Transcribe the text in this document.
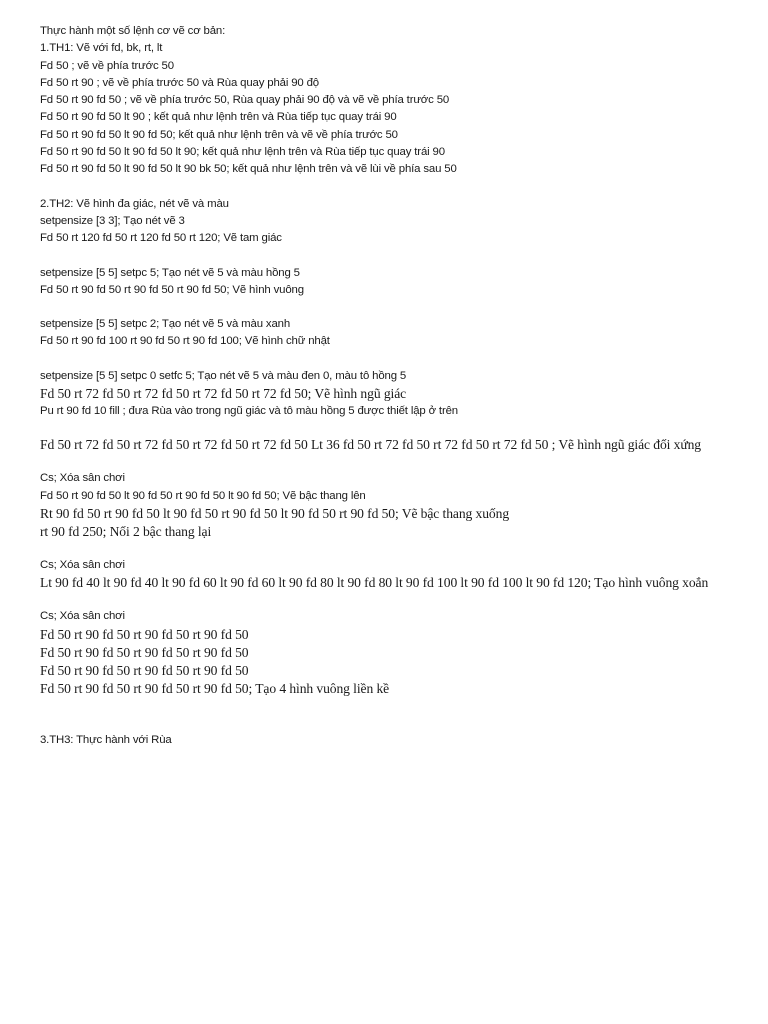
Thực hành một số lệnh cơ vẽ cơ bản:
1.TH1: Vẽ với fd, bk, rt, lt
Fd 50 ; vẽ về phía trước 50
Fd 50 rt 90 ; vẽ về phía trước 50 và Rùa quay phải 90 độ
Fd 50 rt 90 fd 50 ; vẽ về phía trước 50, Rùa quay phải 90 độ và vẽ về phía trước 50
Fd 50 rt 90 fd 50 lt 90 ; kết quả như lệnh trên và Rùa tiếp tục quay trái 90
Fd 50 rt 90 fd 50 lt 90 fd 50; kết quả như lệnh trên và vẽ về phía trước 50
Fd 50 rt 90 fd 50 lt 90 fd 50 lt 90; kết quả như lệnh trên và Rùa tiếp tục quay trái 90
Fd 50 rt 90 fd 50 lt 90 fd 50 lt 90 bk 50; kết quả như lệnh trên và vẽ lùi về phía sau 50
2.TH2: Vẽ hình đa giác, nét vẽ và màu
setpensize [3 3]; Tạo nét vẽ 3
Fd 50 rt 120 fd 50 rt 120 fd 50 rt 120; Vẽ tam giác
setpensize [5 5] setpc 5; Tạo nét vẽ 5 và màu hồng 5
Fd 50 rt 90 fd 50 rt 90 fd 50 rt 90 fd 50; Vẽ hình vuông
setpensize [5 5] setpc 2; Tạo nét vẽ 5 và màu xanh
Fd 50 rt 90 fd 100 rt 90 fd 50 rt 90 fd 100; Vẽ hình chữ nhật
setpensize [5 5] setpc 0 setfc 5; Tạo nét vẽ 5 và màu đen 0, màu tô hồng 5
Fd 50 rt 72 fd 50 rt 72 fd 50 rt 72 fd 50 rt 72 fd 50; Vẽ hình ngũ giác
Pu rt 90 fd 10 fill ; đưa Rùa vào trong ngũ giác và tô màu hồng 5 được thiết lập ở trên
Fd 50 rt 72 fd 50 rt 72 fd 50 rt 72 fd 50 rt 72 fd 50 Lt 36 fd 50 rt 72 fd 50 rt 72 fd 50 rt 72 fd 50 ; Vẽ hình ngũ giác đối xứng
Cs; Xóa sân chơi
Fd 50 rt 90 fd 50 lt 90 fd 50 rt 90 fd 50 lt 90 fd 50; Vẽ bậc thang lên
Rt 90 fd 50 rt 90 fd 50 lt 90 fd 50 rt 90 fd 50 lt 90 fd 50 rt 90 fd 50; Vẽ bậc thang xuống
rt 90 fd 250; Nối 2 bậc thang lại
Cs; Xóa sân chơi
Lt 90 fd 40 lt 90 fd 40 lt 90 fd 60 lt 90 fd 60 lt 90 fd 80 lt 90 fd 80 lt 90 fd 100 lt 90 fd 100 lt 90 fd 120; Tạo hình vuông xoắn
Cs; Xóa sân chơi
Fd 50 rt 90 fd 50 rt 90 fd 50 rt 90 fd 50
Fd 50 rt 90 fd 50 rt 90 fd 50 rt 90 fd 50
Fd 50 rt 90 fd 50 rt 90 fd 50 rt 90 fd 50
Fd 50 rt 90 fd 50 rt 90 fd 50 rt 90 fd 50; Tạo 4 hình vuông liền kề
3.TH3: Thực hành với Rùa
